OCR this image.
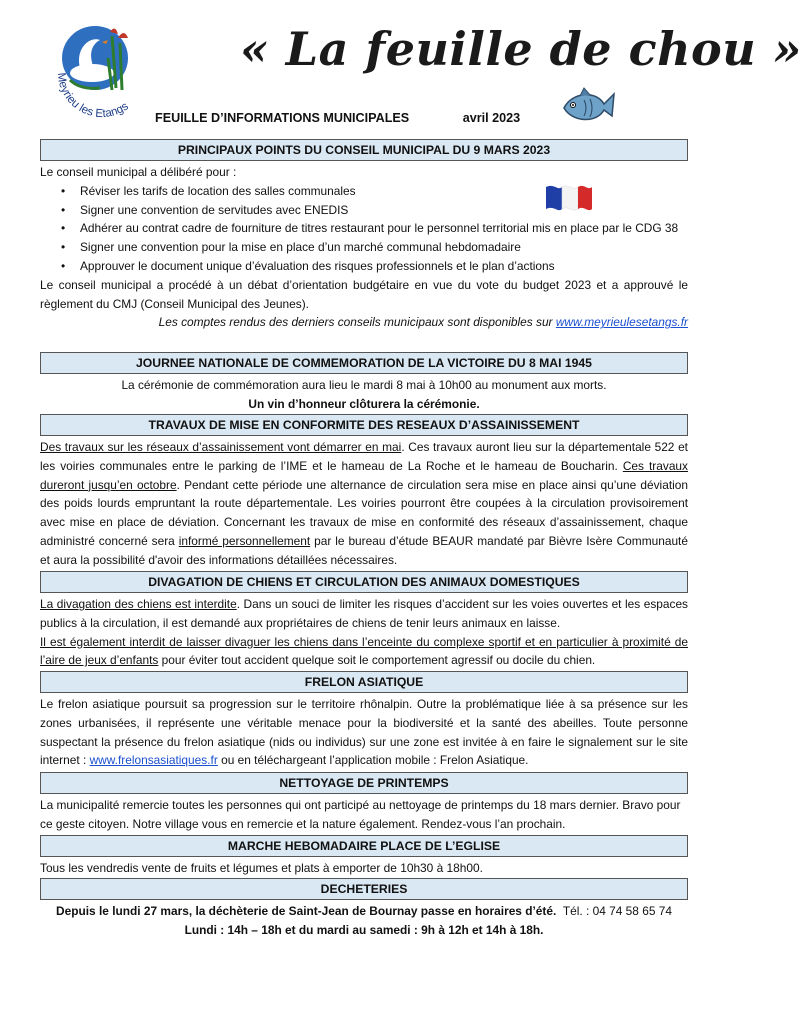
Meyrieu les Etangs
« La feuille de chou »
FEUILLE D’INFORMATIONS MUNICIPALES	avril 2023
PRINCIPAUX POINTS DU CONSEIL MUNICIPAL DU 9 MARS 2023

Le conseil municipal a délibéré pour :

• Réviser les tarifs de location des salles communales
• Signer une convention de servitudes avec ENEDIS
• Adhérer au contrat cadre de fourniture de titres restaurant pour le personnel territorial mis en place par le CDG 38
• Signer une convention pour la mise en place d’un marché communal hebdomadaire
• Approuver le document unique d’évaluation des risques professionnels et le plan d’actions

Le conseil municipal a procédé à un débat d’orientation budgétaire en vue du vote du budget 2023 et a approuvé le règlement du CMJ (Conseil Municipal des Jeunes).

Les comptes rendus des derniers conseils municipaux sont disponibles sur www.meyrieulesetangs.fr

JOURNEE NATIONALE DE COMMEMORATION DE LA VICTOIRE DU 8 MAI 1945

La cérémonie de commémoration aura lieu le mardi 8 mai à 10h00 au monument aux morts.

Un vin d’honneur clôturera la cérémonie.

TRAVAUX DE MISE EN CONFORMITE DES RESEAUX D’ASSAINISSEMENT

Des travaux sur les réseaux d’assainissement vont démarrer en mai. Ces travaux auront lieu sur la départementale 522 et les voiries communales entre le parking de l’IME et le hameau de La Roche et le hameau de Boucharin. Ces travaux dureront jusqu’en octobre. Pendant cette période une alternance de circulation sera mise en place ainsi qu’une déviation des poids lourds empruntant la route départementale. Les voiries pourront être coupées à la circulation provisoirement avec mise en place de déviation. Concernant les travaux de mise en conformité des réseaux d’assainissement, chaque administré concerné sera informé personnellement par le bureau d’étude BEAUR mandaté par Bièvre Isère Communauté et aura la possibilité d'avoir des informations détaillées nécessaires.

DIVAGATION DE CHIENS ET CIRCULATION DES ANIMAUX DOMESTIQUES

La divagation des chiens est interdite. Dans un souci de limiter les risques d’accident sur les voies ouvertes et les espaces publics à la circulation, il est demandé aux propriétaires de chiens de tenir leurs animaux en laisse.

Il est également interdit de laisser divaguer les chiens dans l’enceinte du complexe sportif et en particulier à proximité de l’aire de jeux d’enfants pour éviter tout accident quelque soit le comportement agressif ou docile du chien.

FRELON ASIATIQUE

Le frelon asiatique poursuit sa progression sur le territoire rhônalpin. Outre la problématique liée à sa présence sur les zones urbanisées, il représente une véritable menace pour la biodiversité et la santé des abeilles. Toute personne suspectant la présence du frelon asiatique (nids ou individus) sur une zone est invitée à en faire le signalement sur le site internet : www.frelonsasiatiques.fr ou en téléchargeant l’application mobile : Frelon Asiatique.

NETTOYAGE DE PRINTEMPS

La municipalité remercie toutes les personnes qui ont participé au nettoyage de printemps du 18 mars dernier. Bravo pour ce geste citoyen. Notre village vous en remercie et la nature également. Rendez-vous l’an prochain.

MARCHE HEBOMADAIRE PLACE DE L’EGLISE

Tous les vendredis vente de fruits et légumes et plats à emporter de 10h30 à 18h00.

DECHETERIES

Depuis le lundi 27 mars, la déchèterie de Saint-Jean de Bournay passe en horaires d’été. Tél. : 04 74 58 65 74

Lundi : 14h – 18h et du mardi au samedi : 9h à 12h et 14h à 18h.
